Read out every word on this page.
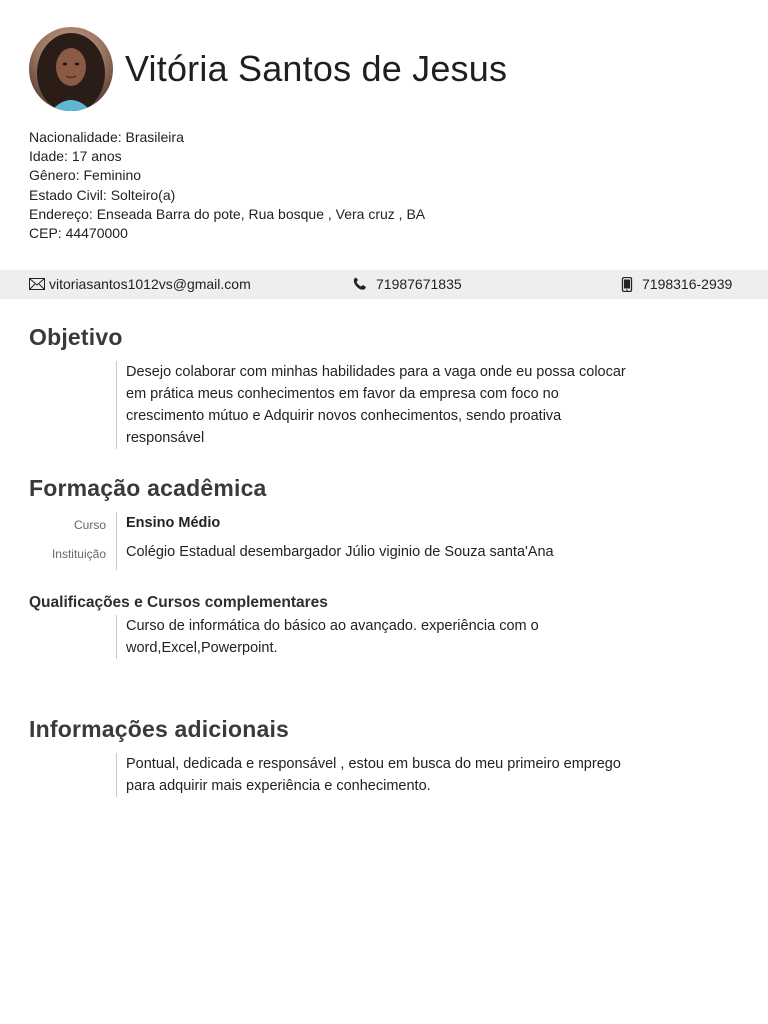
Vitória Santos de Jesus
Nacionalidade: Brasileira
Idade: 17 anos
Gênero: Feminino
Estado Civil: Solteiro(a)
Endereço: Enseada Barra do pote, Rua bosque , Vera cruz , BA
CEP: 44470000
vitoriasantos1012vs@gmail.com	71987671835	7198316-2939
Objetivo
Desejo colaborar com minhas habilidades para a vaga onde eu possa colocar
em prática meus conhecimentos em favor da empresa com foco no
crescimento mútuo e Adquirir novos conhecimentos, sendo proativa
responsável
Formação acadêmica
Curso	Ensino Médio
Instituição	Colégio Estadual desembargador Júlio viginio de Souza santa'Ana
Qualificações e Cursos complementares
Curso de informática do básico ao avançado. experiência com o
word,Excel,Powerpoint.
Informações adicionais
Pontual, dedicada e responsável , estou em busca do meu primeiro emprego
para adquirir mais experiência e conhecimento.
